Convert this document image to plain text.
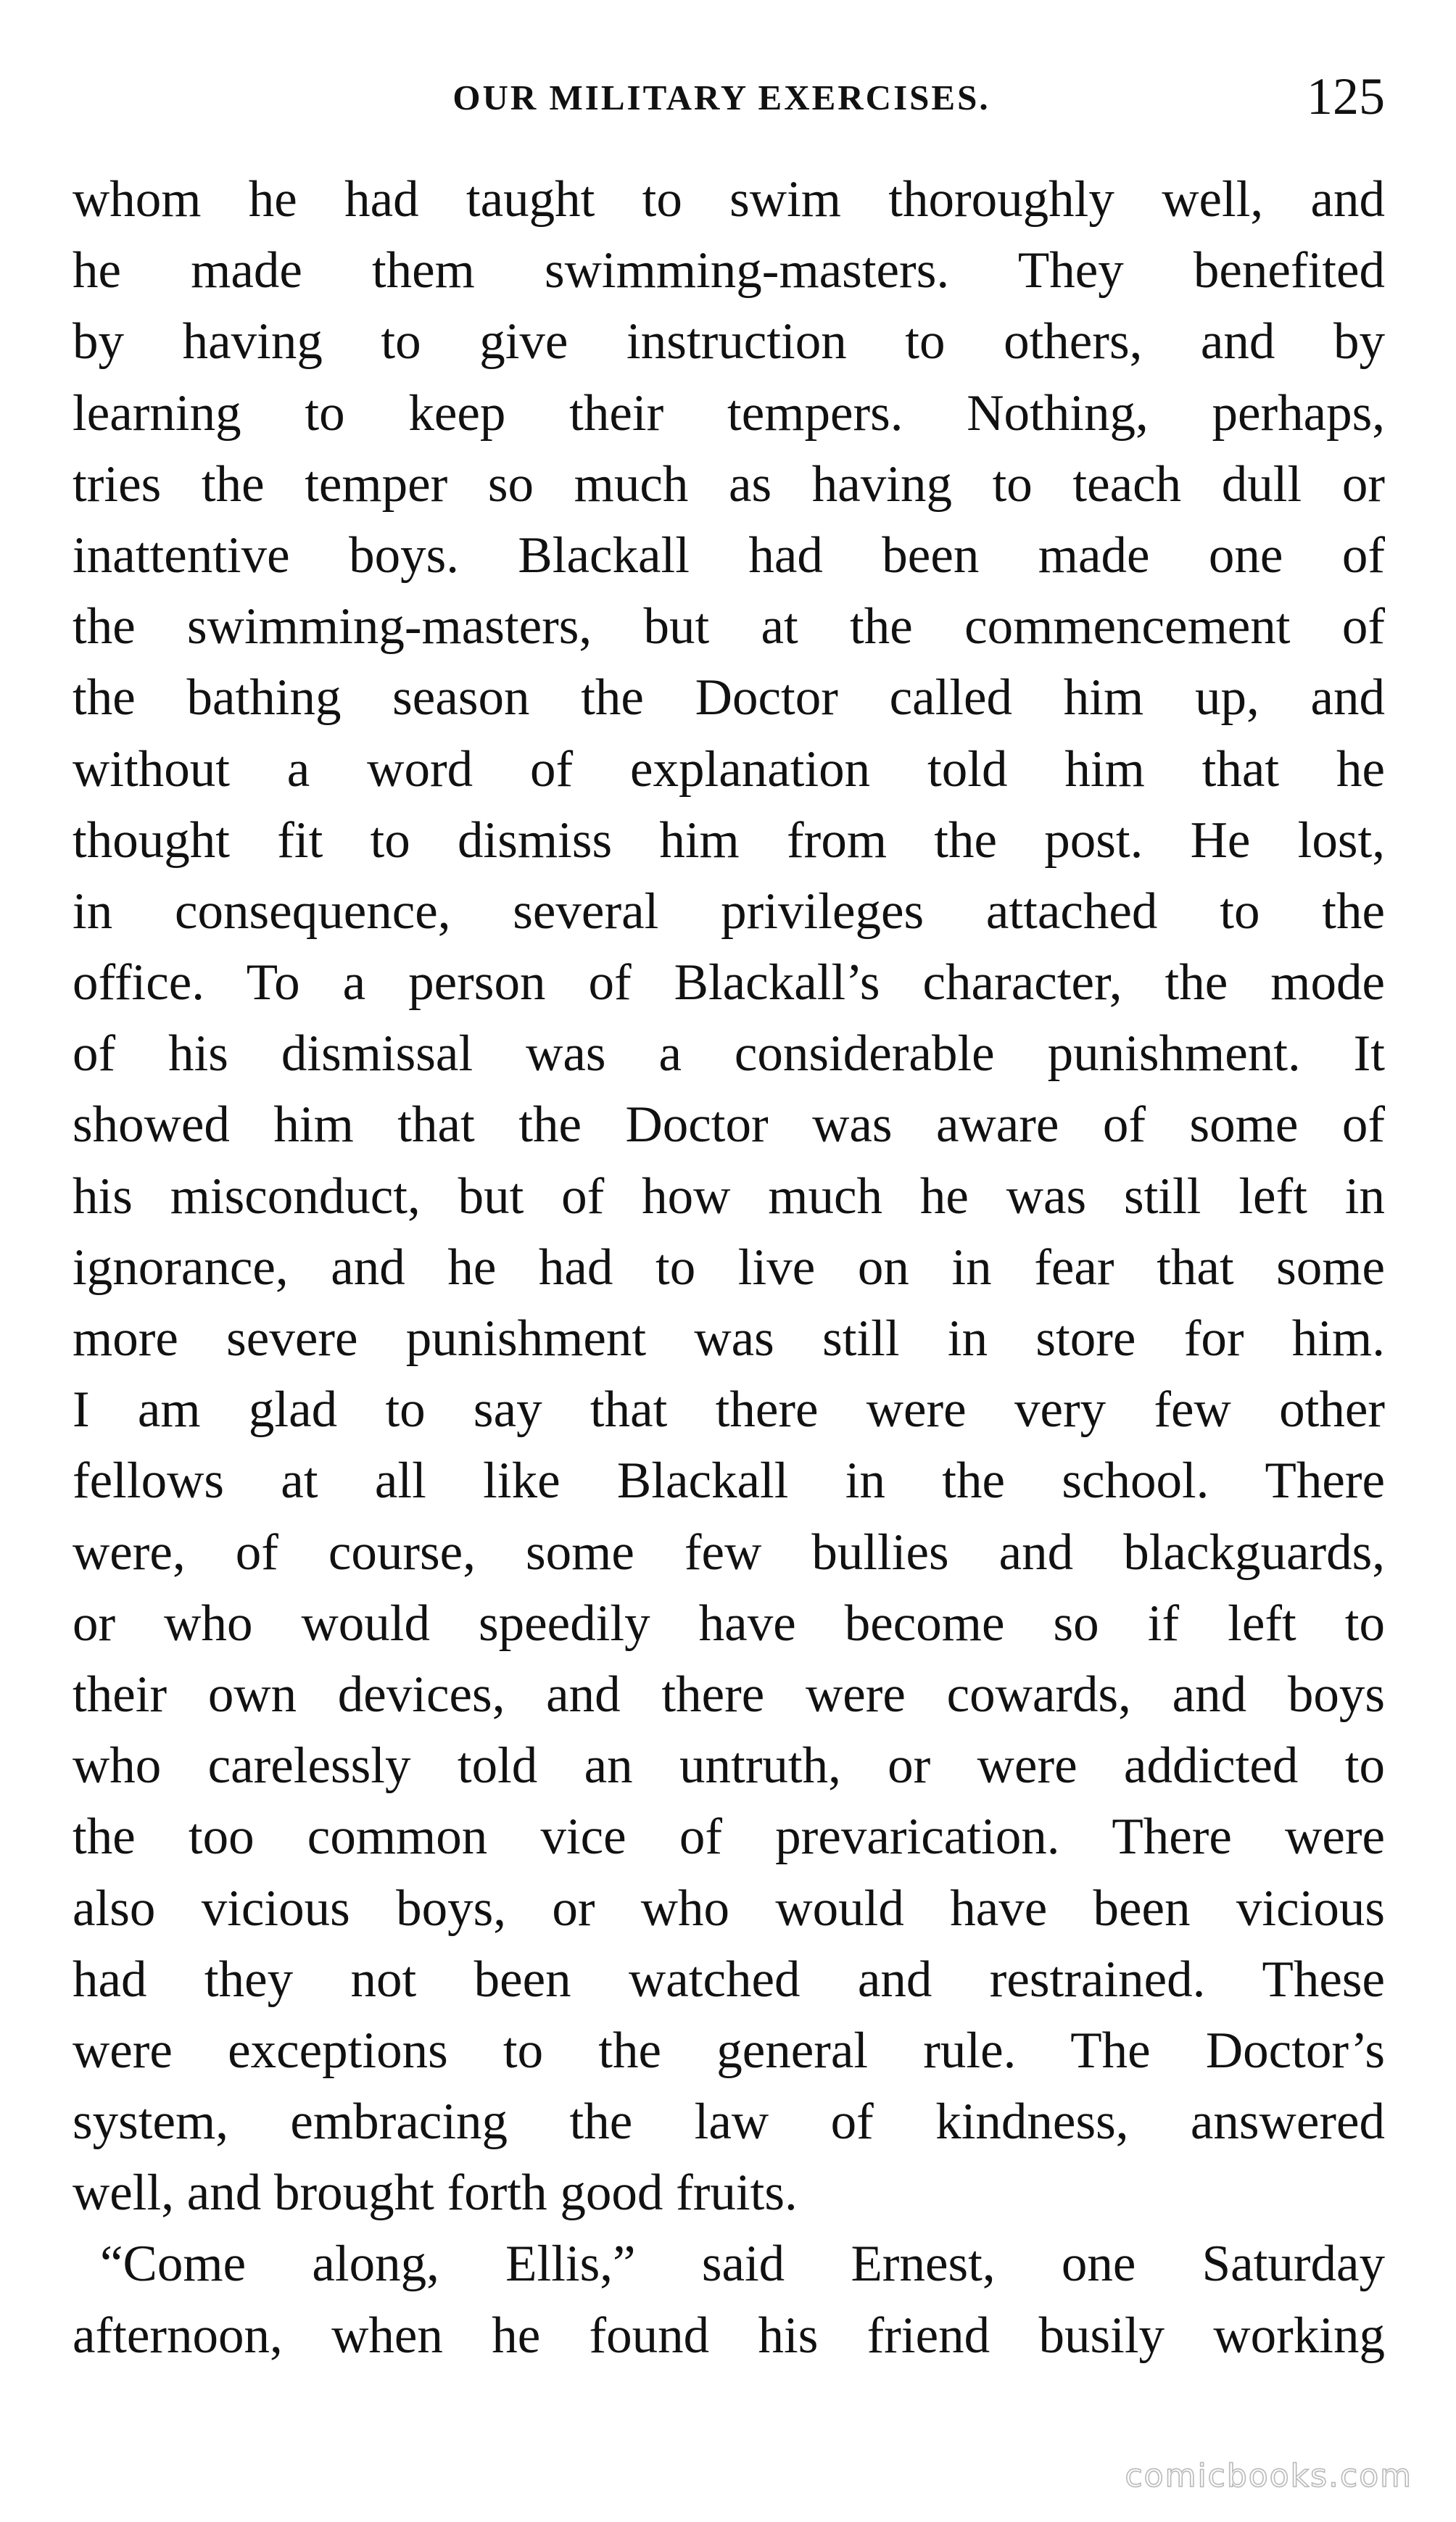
OUR MILITARY EXERCISES.	125
whom he had taught to swim thoroughly well, and
he made them swimming-masters. They benefited
by having to give instruction to others, and by
learning to keep their tempers. Nothing, perhaps,
tries the temper so much as having to teach dull or
inattentive boys. Blackall had been made one of
the swimming-masters, but at the commencement of
the bathing season the Doctor called him up, and
without a word of explanation told him that he
thought fit to dismiss him from the post. He lost,
in consequence, several privileges attached to the
office. To a person of Blackall’s character, the mode
of his dismissal was a considerable punishment. It
showed him that the Doctor was aware of some of
his misconduct, but of how much he was still left in
ignorance, and he had to live on in fear that some
more severe punishment was still in store for him.
I am glad to say that there were very few other
fellows at all like Blackall in the school. There
were, of course, some few bullies and blackguards,
or who would speedily have become so if left to
their own devices, and there were cowards, and boys
who carelessly told an untruth, or were addicted to
the too common vice of prevarication. There were
also vicious boys, or who would have been vicious
had they not been watched and restrained. These
were exceptions to the general rule. The Doctor’s
system, embracing the law of kindness, answered
well, and brought forth good fruits.
“Come along, Ellis,” said Ernest, one Saturday
afternoon, when he found his friend busily working
comicbooks.com
